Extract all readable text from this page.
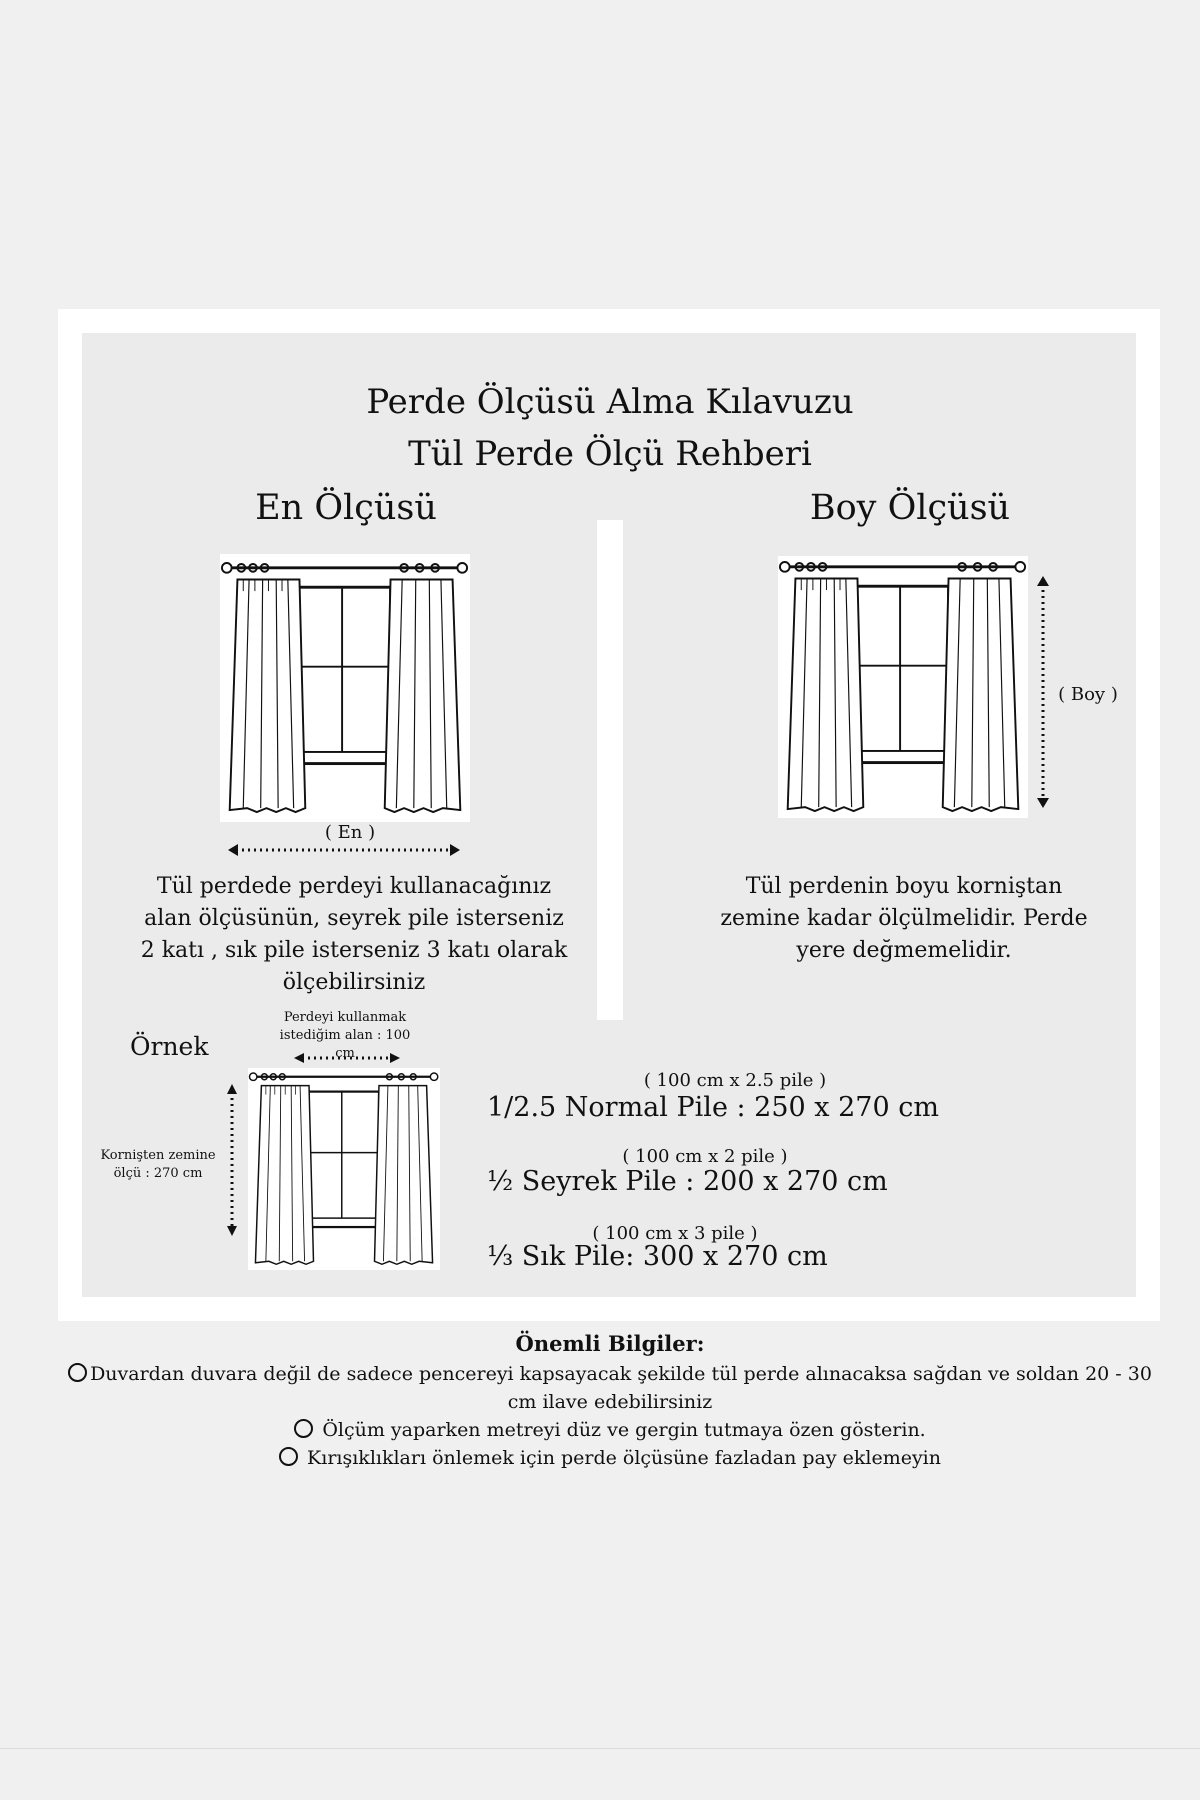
Perde Ölçüsü Alma Kılavuzu
Tül Perde Ölçü Rehberi
En Ölçüsü
( En )
Tül perdede perdeyi kullanacağınız alan ölçüsünün, seyrek pile isterseniz 2 katı , sık pile isterseniz 3 katı olarak ölçebilirsiniz
Boy Ölçüsü
( Boy )
Tül perdenin boyu korniştan zemine kadar ölçülmelidir. Perde yere değmemelidir.
Örnek
Perdeyi kullanmak istediğim alan : 100 cm
Kornişten zemine ölçü : 270 cm
( 100 cm x 2.5 pile )
1/2.5 Normal Pile : 250 x 270 cm
( 100 cm x 2 pile )
½ Seyrek Pile : 200 x 270 cm
( 100 cm x 3 pile )
⅓ Sık Pile: 300 x 270 cm

Önemli Bilgiler:

Duvardan duvara değil de sadece pencereyi kapsayacak şekilde tül perde alınacaksa sağdan ve soldan 20 - 30 cm ilave edebilirsiniz

Ölçüm yaparken metreyi düz ve gergin tutmaya özen gösterin.

Kırışıklıkları önlemek için perde ölçüsüne fazladan pay eklemeyin
